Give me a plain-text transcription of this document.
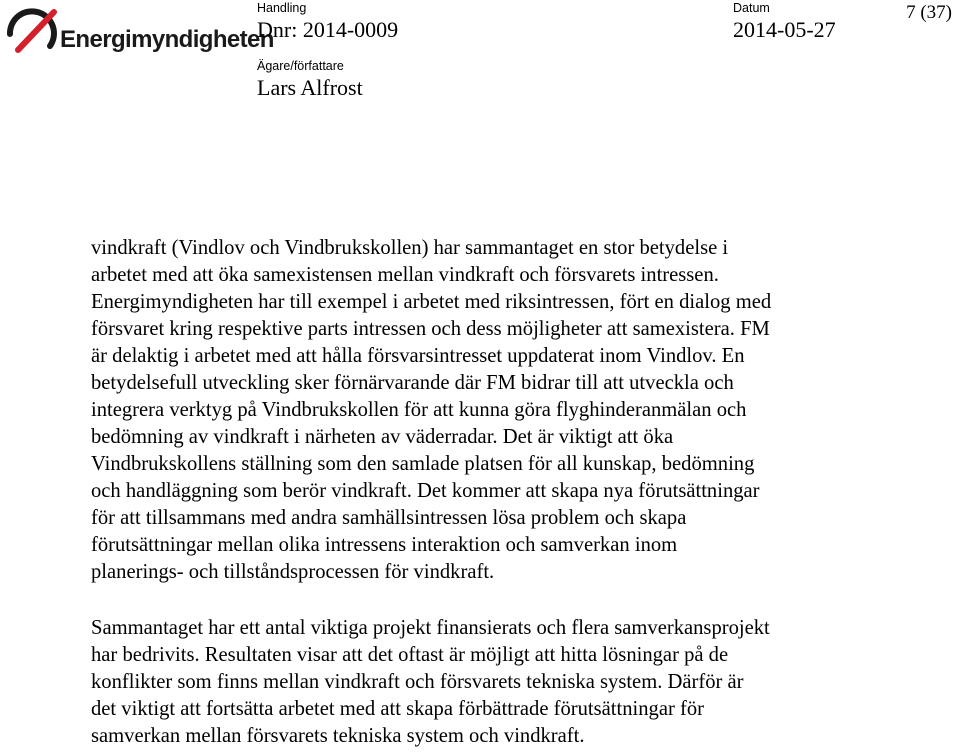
Energimyndigheten
Handling
Dnr: 2014-0009
Datum
2014-05-27
Ägare/författare
Lars Alfrost
7 (37)
vindkraft (Vindlov och Vindbrukskollen) har sammantaget en stor betydelse i
arbetet med att öka samexistensen mellan vindkraft och försvarets intressen.
Energimyndigheten har till exempel i arbetet med riksintressen, fört en dialog med
försvaret kring respektive parts intressen och dess möjligheter att samexistera. FM
är delaktig i arbetet med att hålla försvarsintresset uppdaterat inom Vindlov. En
betydelsefull utveckling sker förnärvarande där FM bidrar till att utveckla och
integrera verktyg på Vindbrukskollen för att kunna göra flyghinderanmälan och
bedömning av vindkraft i närheten av väderradar. Det är viktigt att öka
Vindbrukskollens ställning som den samlade platsen för all kunskap, bedömning
och handläggning som berör vindkraft. Det kommer att skapa nya förutsättningar
för att tillsammans med andra samhällsintressen lösa problem och skapa
förutsättningar mellan olika intressens interaktion och samverkan inom
planerings- och tillståndsprocessen för vindkraft.
Sammantaget har ett antal viktiga projekt finansierats och flera samverkansprojekt
har bedrivits. Resultaten visar att det oftast är möjligt att hitta lösningar på de
konflikter som finns mellan vindkraft och försvarets tekniska system. Därför är
det viktigt att fortsätta arbetet med att skapa förbättrade förutsättningar för
samverkan mellan försvarets tekniska system och vindkraft.
